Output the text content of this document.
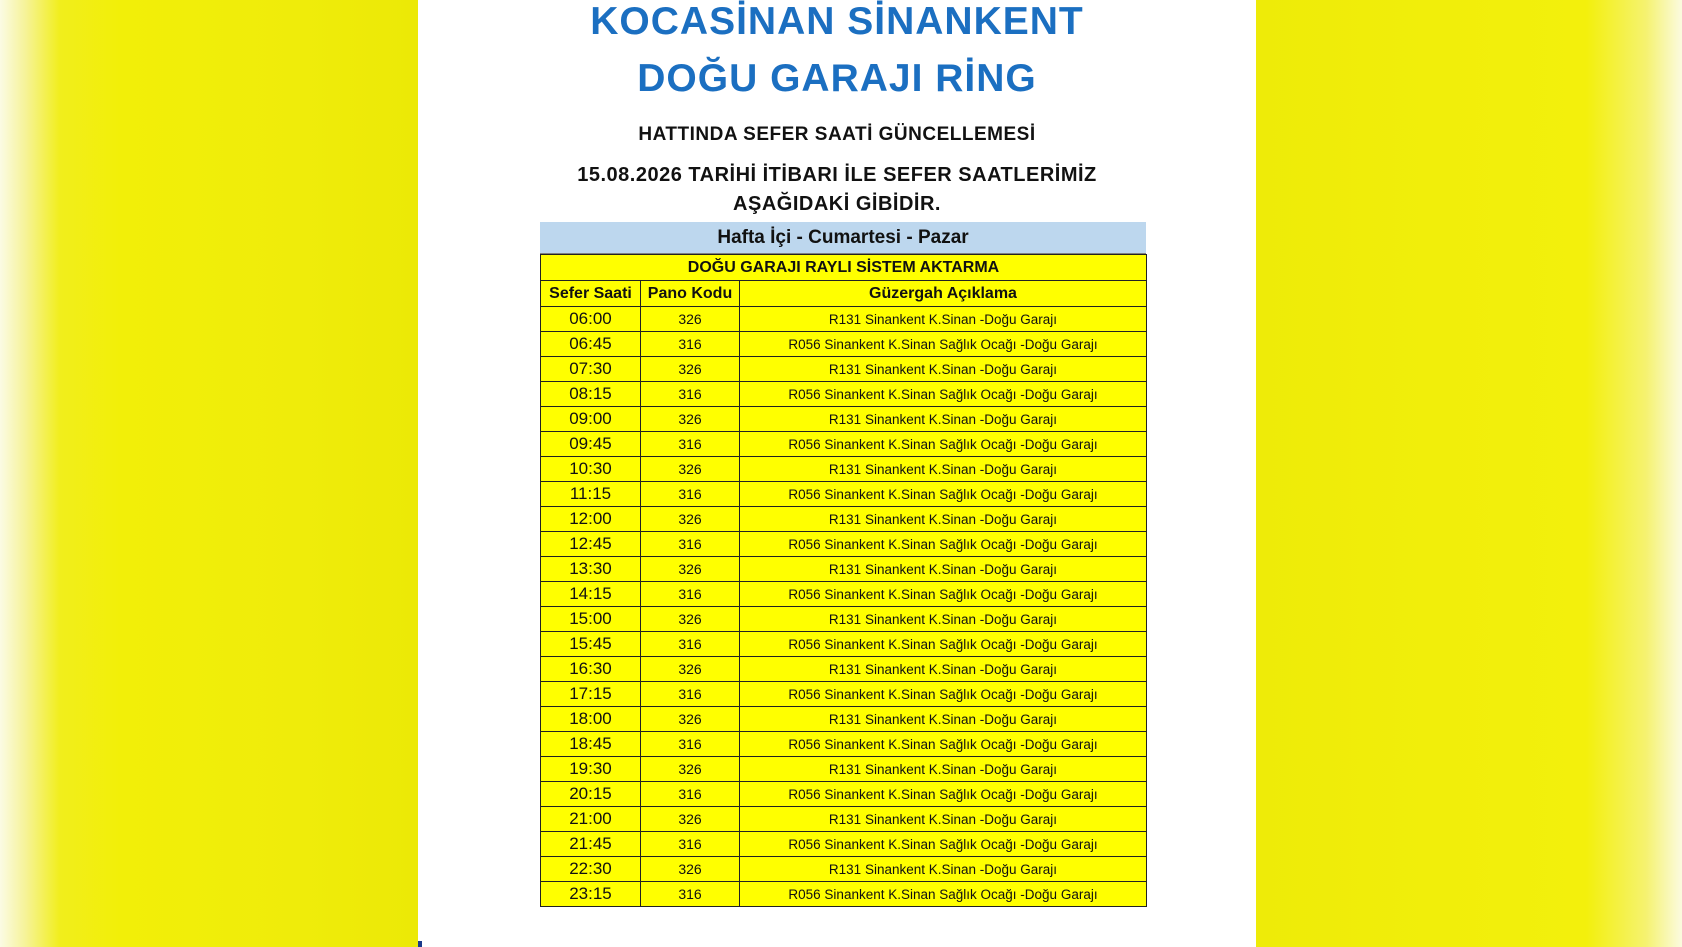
KOCASİNAN SİNANKENT
DOĞU GARAJI RİNG
HATTINDA SEFER SAATİ GÜNCELLEMESİ
15.08.2026 TARİHİ İTİBARI İLE SEFER SAATLERİMİZ
AŞAĞIDAKİ GİBİDİR.
Hafta İçi - Cumartesi - Pazar
DOĞU GARAJI RAYLI SİSTEM AKTARMA		
Sefer Saati	Pano Kodu	Güzergah Açıklama
06:00	326	R131 Sinankent K.Sinan -Doğu Garajı
06:45	316	R056 Sinankent K.Sinan Sağlık Ocağı -Doğu Garajı
07:30	326	R131 Sinankent K.Sinan -Doğu Garajı
08:15	316	R056 Sinankent K.Sinan Sağlık Ocağı -Doğu Garajı
09:00	326	R131 Sinankent K.Sinan -Doğu Garajı
09:45	316	R056 Sinankent K.Sinan Sağlık Ocağı -Doğu Garajı
10:30	326	R131 Sinankent K.Sinan -Doğu Garajı
11:15	316	R056 Sinankent K.Sinan Sağlık Ocağı -Doğu Garajı
12:00	326	R131 Sinankent K.Sinan -Doğu Garajı
12:45	316	R056 Sinankent K.Sinan Sağlık Ocağı -Doğu Garajı
13:30	326	R131 Sinankent K.Sinan -Doğu Garajı
14:15	316	R056 Sinankent K.Sinan Sağlık Ocağı -Doğu Garajı
15:00	326	R131 Sinankent K.Sinan -Doğu Garajı
15:45	316	R056 Sinankent K.Sinan Sağlık Ocağı -Doğu Garajı
16:30	326	R131 Sinankent K.Sinan -Doğu Garajı
17:15	316	R056 Sinankent K.Sinan Sağlık Ocağı -Doğu Garajı
18:00	326	R131 Sinankent K.Sinan -Doğu Garajı
18:45	316	R056 Sinankent K.Sinan Sağlık Ocağı -Doğu Garajı
19:30	326	R131 Sinankent K.Sinan -Doğu Garajı
20:15	316	R056 Sinankent K.Sinan Sağlık Ocağı -Doğu Garajı
21:00	326	R131 Sinankent K.Sinan -Doğu Garajı
21:45	316	R056 Sinankent K.Sinan Sağlık Ocağı -Doğu Garajı
22:30	326	R131 Sinankent K.Sinan -Doğu Garajı
23:15	316	R056 Sinankent K.Sinan Sağlık Ocağı -Doğu Garajı
